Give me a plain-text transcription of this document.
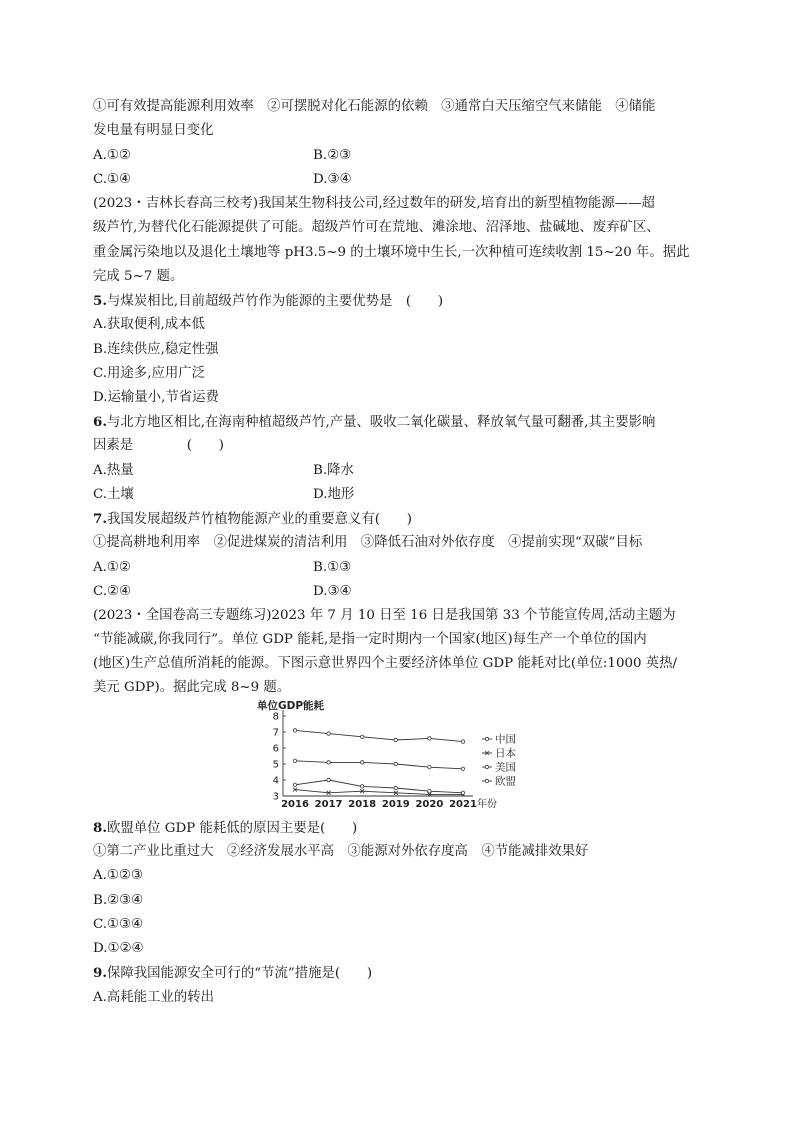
①可有效提高能源利用效率　②可摆脱对化石能源的依赖　③通常白天压缩空气来储能　④储能
发电量有明显日变化
A.①②	B.②③
C.①④	D.③④
(2023・吉林长春高三校考)我国某生物科技公司,经过数年的研发,培育出的新型植物能源——超
级芦竹,为替代化石能源提供了可能。超级芦竹可在荒地、滩涂地、沼泽地、盐碱地、废弃矿区、
重金属污染地以及退化土壤地等 pH3.5~9 的土壤环境中生长,一次种植可连续收割 15~20 年。据此
完成 5~7 题。
5.与煤炭相比,目前超级芦竹作为能源的主要优势是　(　　)
A.获取便利,成本低
B.连续供应,稳定性强
C.用途多,应用广泛
D.运输量小,节省运费
6.与北方地区相比,在海南种植超级芦竹,产量、吸收二氧化碳量、释放氧气量可翻番,其主要影响
因素是　　　　(　　)
A.热量	B.降水
C.土壤	D.地形
7.我国发展超级芦竹植物能源产业的重要意义有(　　)
①提高耕地利用率　②促进煤炭的清洁利用　③降低石油对外依存度　④提前实现“双碳”目标
A.①②	B.①③
C.②④	D.③④
(2023・全国卷高三专题练习)2023 年 7 月 10 日至 16 日是我国第 33 个节能宣传周,活动主题为
“节能减碳,你我同行”。单位 GDP 能耗,是指一定时期内一个国家(地区)每生产一个单位的国内
(地区)生产总值所消耗的能源。下图示意世界四个主要经济体单位 GDP 能耗对比(单位:1000 英热/
美元 GDP)。据此完成 8~9 题。
单位GDP能耗
3
4
5
6
7
8
2016 2017 2018 2019 2020 2021 年份
中国
日本
美国
欧盟
8.欧盟单位 GDP 能耗低的原因主要是(　　)
①第二产业比重过大　②经济发展水平高　③能源对外依存度高　④节能减排效果好
A.①②③
B.②③④
C.①③④
D.①②④
9.保障我国能源安全可行的“节流”措施是(　　)
A.高耗能工业的转出
